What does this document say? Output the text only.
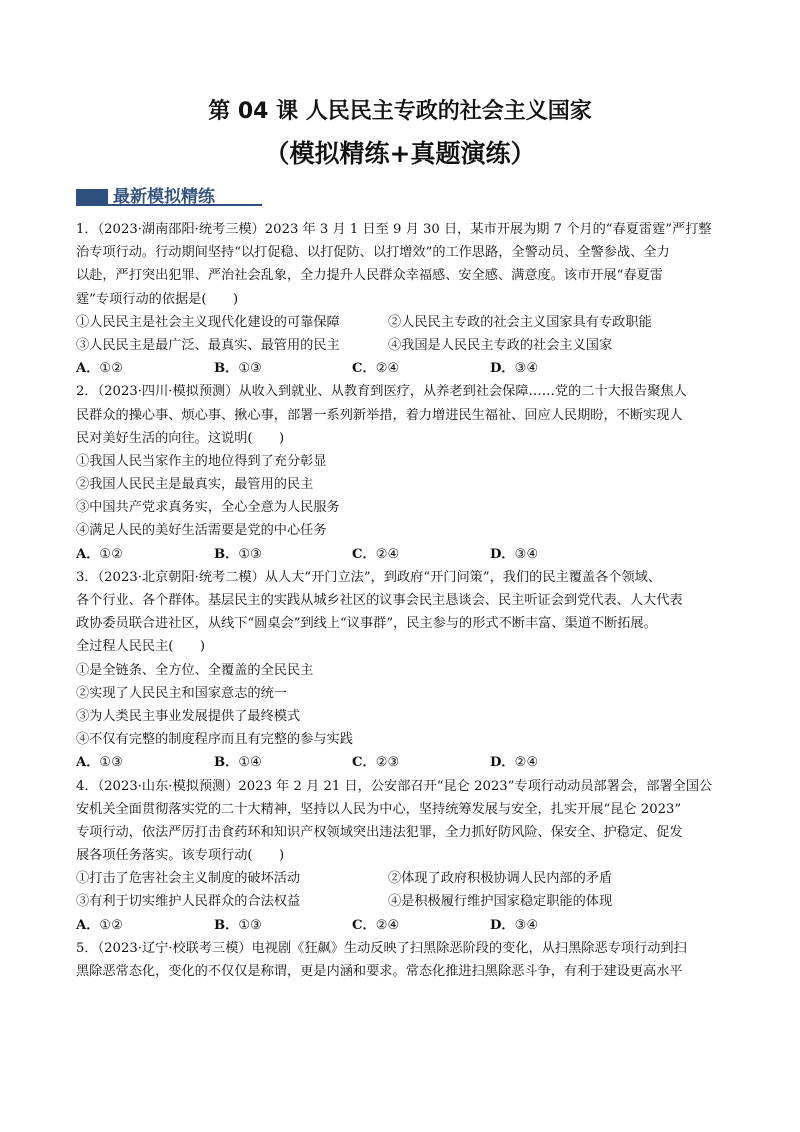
第 04 课 人民民主专政的社会主义国家
（模拟精练+真题演练）
最新模拟精练
1．（2023·湖南邵阳·统考三模）2023 年 3 月 1 日至 9 月 30 日，某市开展为期 7 个月的“春夏雷霆”严打整
治专项行动。行动期间坚持“以打促稳、以打促防、以打增效”的工作思路，全警动员、全警参战、全力
以赴，严打突出犯罪、严治社会乱象，全力提升人民群众幸福感、安全感、满意度。该市开展“春夏雷
霆”专项行动的依据是(　　)
①人民民主是社会主义现代化建设的可靠保障	②人民民主专政的社会主义国家具有专政职能
③人民民主是最广泛、最真实、最管用的民主	④我国是人民民主专政的社会主义国家
A．①②	B．①③	C．②④	D．③④
2．（2023·四川·模拟预测）从收入到就业、从教育到医疗，从养老到社会保障……党的二十大报告聚焦人
民群众的操心事、烦心事、揪心事，部署一系列新举措，着力增进民生福祉、回应人民期盼，不断实现人
民对美好生活的向往。这说明(　　)
①我国人民当家作主的地位得到了充分彰显
②我国人民民主是最真实，最管用的民主
③中国共产党求真务实，全心全意为人民服务
④满足人民的美好生活需要是党的中心任务
A．①②	B．①③	C．②④	D．③④
3．（2023·北京朝阳·统考二模）从人大“开门立法”，到政府“开门问策”，我们的民主覆盖各个领域、
各个行业、各个群体。基层民主的实践从城乡社区的议事会民主恳谈会、民主听证会到党代表、人大代表
政协委员联合进社区，从线下“圆桌会”到线上“议事群”，民主参与的形式不断丰富、渠道不断拓展。
全过程人民民主(　　)
①是全链条、全方位、全覆盖的全民民主
②实现了人民民主和国家意志的统一
③为人类民主事业发展提供了最终模式
④不仅有完整的制度程序而且有完整的参与实践
A．①③	B．①④	C．②③	D．②④
4．（2023·山东·模拟预测）2023 年 2 月 21 日，公安部召开“昆仑 2023”专项行动动员部署会，部署全国公
安机关全面贯彻落实党的二十大精神，坚持以人民为中心，坚持统筹发展与安全，扎实开展“昆仑 2023”
专项行动，依法严厉打击食药环和知识产权领域突出违法犯罪，全力抓好防风险、保安全、护稳定、促发
展各项任务落实。该专项行动(　　)
①打击了危害社会主义制度的破坏活动	②体现了政府积极协调人民内部的矛盾
③有利于切实维护人民群众的合法权益	④是积极履行维护国家稳定职能的体现
A．①②	B．①③	C．②④	D．③④
5．（2023·辽宁·校联考三模）电视剧《狂飙》生动反映了扫黑除恶阶段的变化，从扫黑除恶专项行动到扫
黑除恶常态化，变化的不仅仅是称谓，更是内涵和要求。常态化推进扫黑除恶斗争，有利于建设更高水平
